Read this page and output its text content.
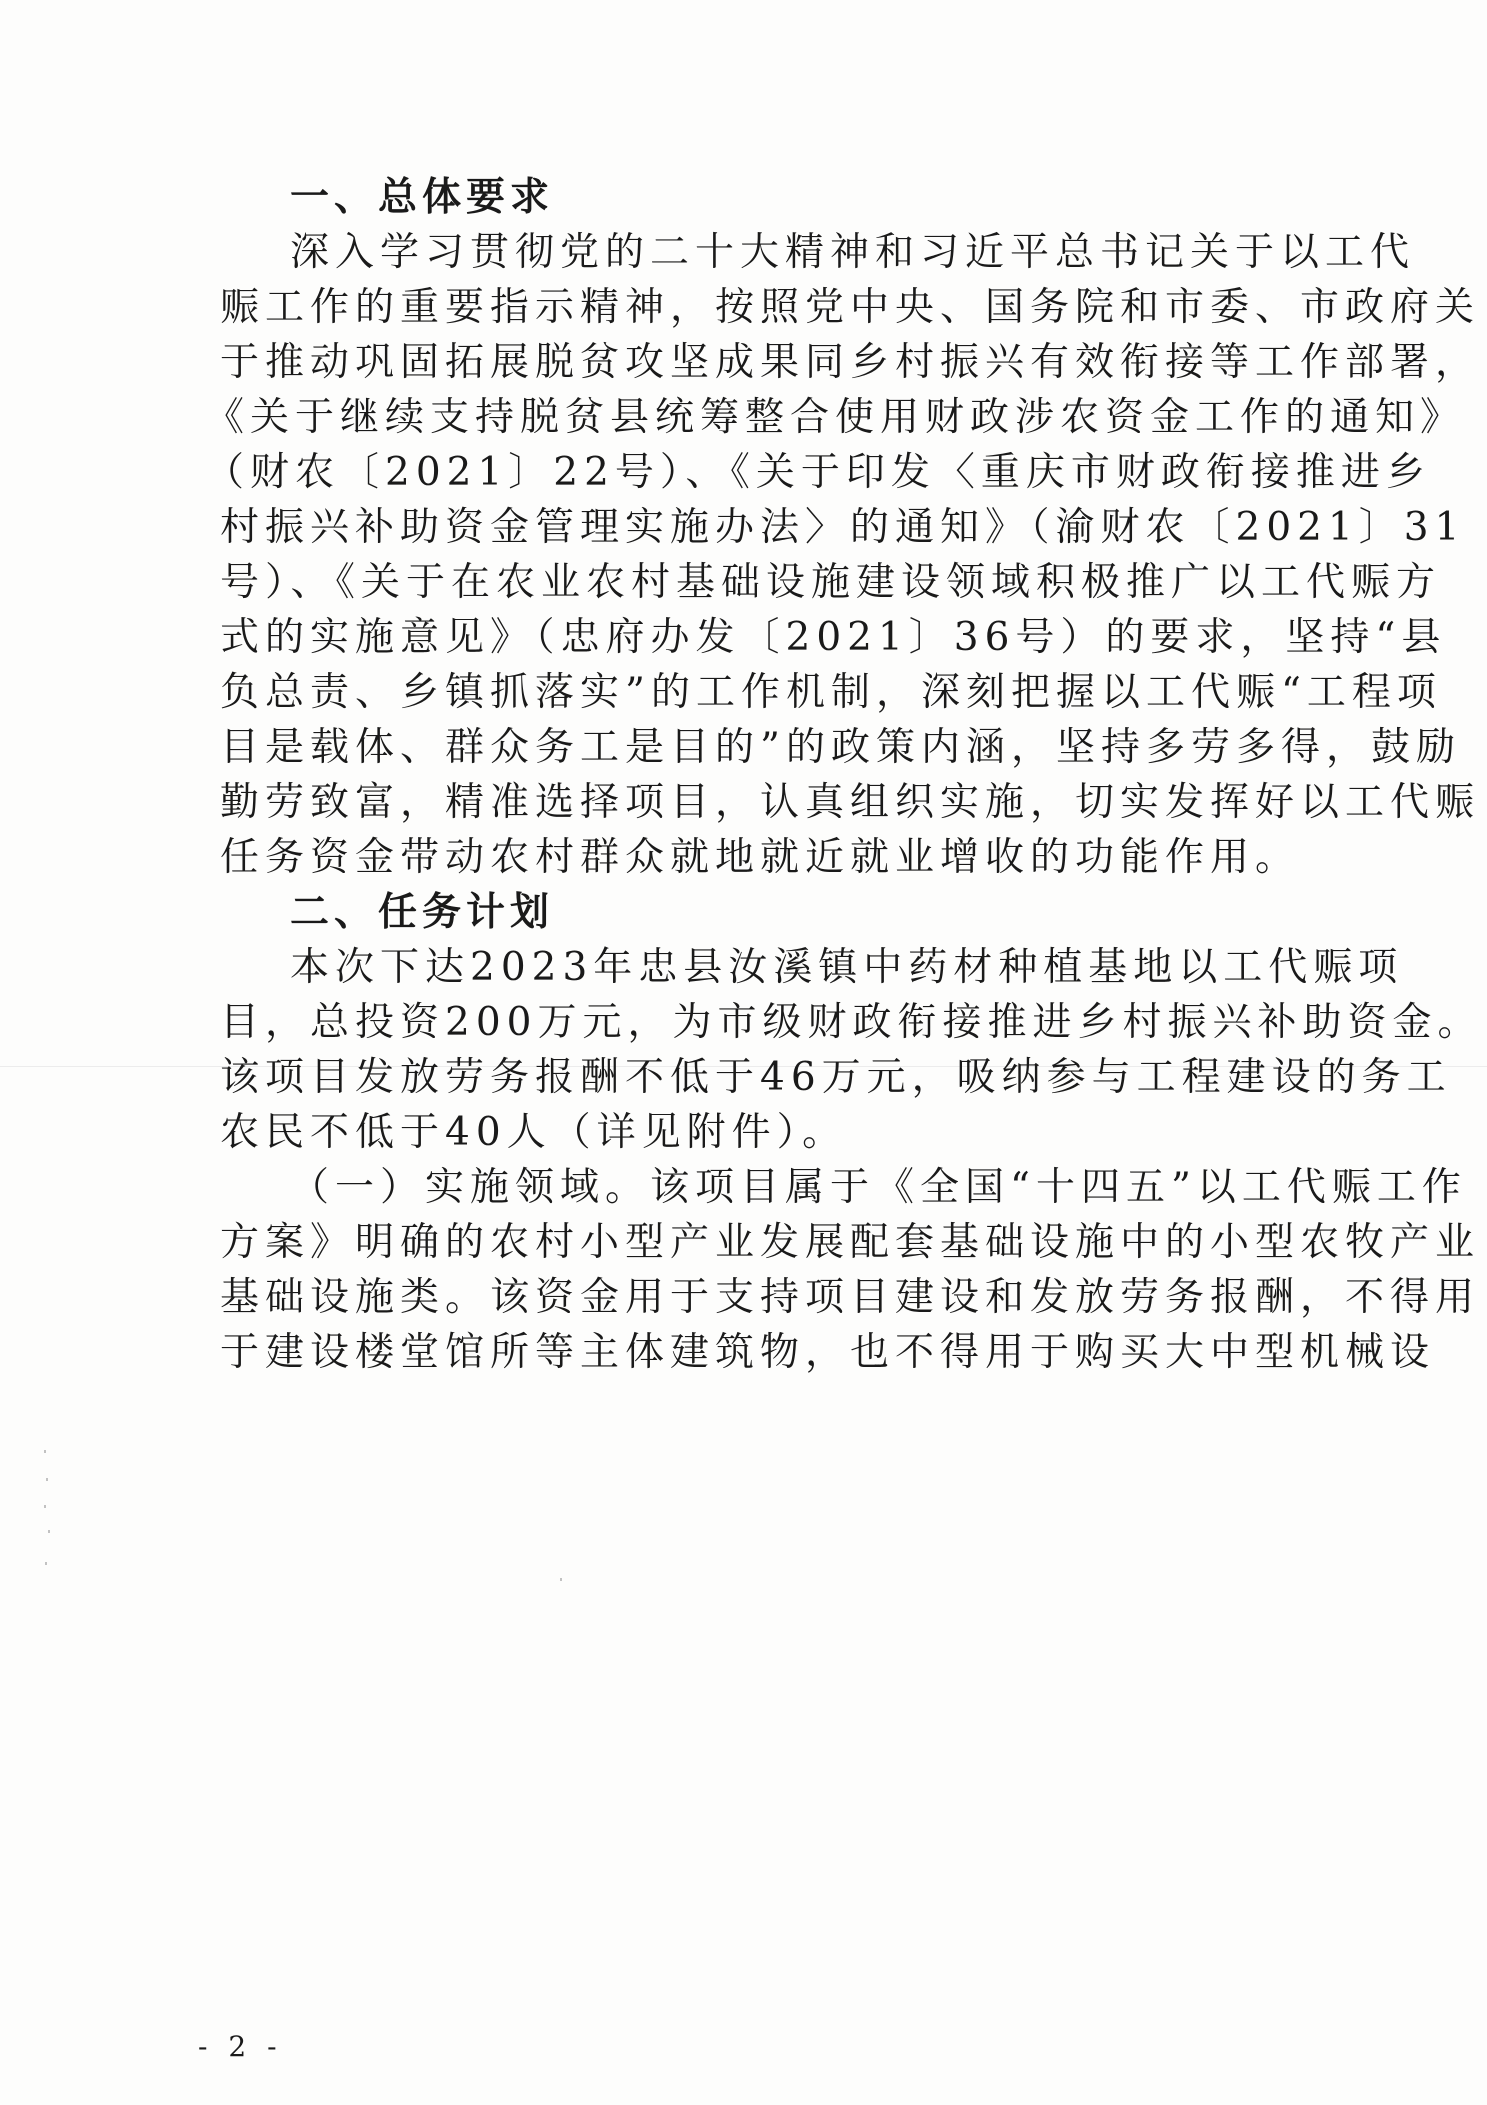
一、总体要求
深入学习贯彻党的二十大精神和习近平总书记关于以工代
赈工作的重要指示精神，按照党中央、国务院和市委、市政府关
于推动巩固拓展脱贫攻坚成果同乡村振兴有效衔接等工作部署，
《关于继续支持脱贫县统筹整合使用财政涉农资金工作的通知》
（财农〔2021〕22号）、《关于印发〈重庆市财政衔接推进乡
村振兴补助资金管理实施办法〉的通知》（渝财农〔2021〕31
号）、《关于在农业农村基础设施建设领域积极推广以工代赈方
式的实施意见》（忠府办发〔2021〕36号）的要求，坚持“县
负总责、乡镇抓落实”的工作机制，深刻把握以工代赈“工程项
目是载体、群众务工是目的”的政策内涵，坚持多劳多得，鼓励
勤劳致富，精准选择项目，认真组织实施，切实发挥好以工代赈
任务资金带动农村群众就地就近就业增收的功能作用。
二、任务计划
本次下达2023年忠县汝溪镇中药材种植基地以工代赈项
目，总投资200万元，为市级财政衔接推进乡村振兴补助资金。
该项目发放劳务报酬不低于46万元，吸纳参与工程建设的务工
农民不低于40人（详见附件）。
（一）实施领域。该项目属于《全国“十四五”以工代赈工作
方案》明确的农村小型产业发展配套基础设施中的小型农牧产业
基础设施类。该资金用于支持项目建设和发放劳务报酬，不得用
于建设楼堂馆所等主体建筑物，也不得用于购买大中型机械设
- 2 -
